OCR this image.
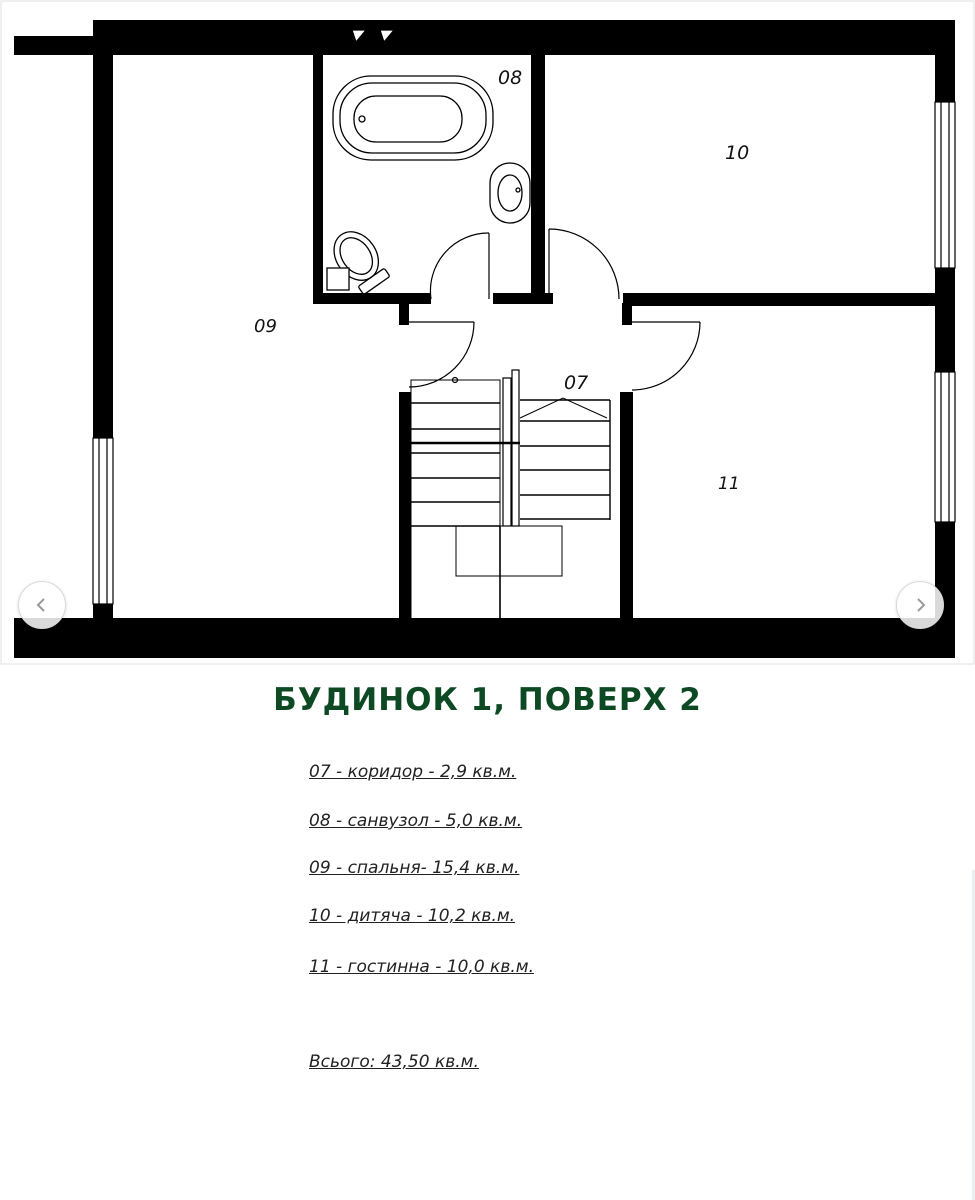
08
10
09
07
11
БУДИНОК 1, ПОВЕРХ 2

07 - коридор - 2,9 кв.м.

08 - санвузол - 5,0 кв.м.

09 - спальня- 15,4 кв.м.

10 - дитяча - 10,2 кв.м.

11 - гостинна - 10,0 кв.м.

Всього: 43,50 кв.м.
